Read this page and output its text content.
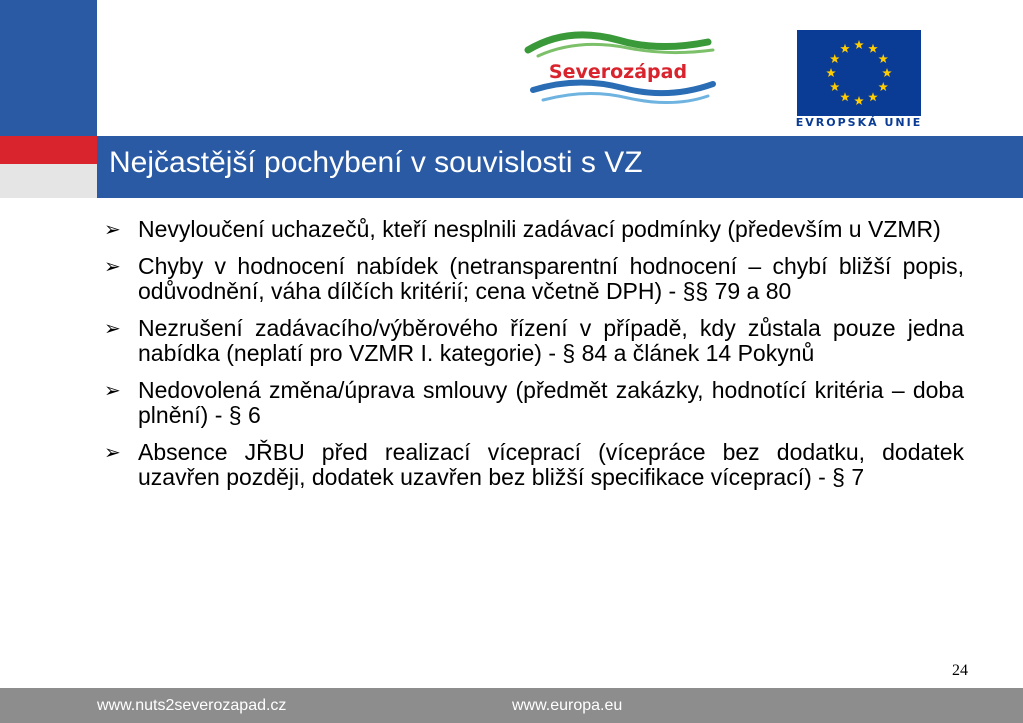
Severozápad
EVROPSKÁ UNIE
Nejčastější pochybení v souvislosti s VZ
➢ Nevyloučení uchazečů, kteří nesplnili zadávací podmínky (především u VZMR)
➢ Chyby v hodnocení nabídek (netransparentní hodnocení – chybí bližší popis, odůvodnění, váha dílčích kritérií; cena včetně DPH) - §§ 79 a 80
➢ Nezrušení zadávacího/výběrového řízení v případě, kdy zůstala pouze jedna nabídka (neplatí pro VZMR I. kategorie) - § 84 a článek 14 Pokynů
➢ Nedovolená změna/úprava smlouvy (předmět zakázky, hodnotící kritéria – doba plnění) - § 6
➢ Absence JŘBU před realizací víceprací (vícepráce bez dodatku, dodatek uzavřen později, dodatek uzavřen bez bližší specifikace víceprací) - § 7
24
www.nuts2severozapad.cz	www.europa.eu
